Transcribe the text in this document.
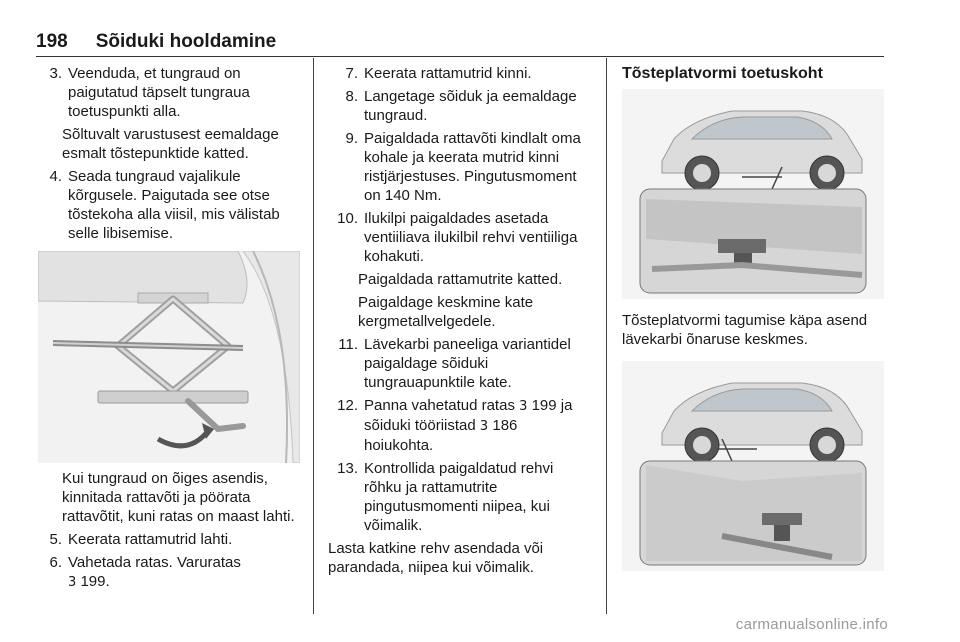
198 Sõiduki hooldamine
3. Veenduda, et tungraud on paigutatud täpselt tungraua toetuspunkti alla.
Sõltuvalt varustusest eemaldage esmalt tõstepunktide katted.
4. Seada tungraud vajalikule kõrgusele. Paigutada see otse tõstekoha alla viisil, mis välistab selle libisemise.
Kui tungraud on õiges asendis, kinnitada rattavõti ja pöörata rattavõtit, kuni ratas on maast lahti.
5. Keerata rattamutrid lahti.
6. Vahetada ratas. Varuratas
3 199.
7. Keerata rattamutrid kinni.
8. Langetage sõiduk ja eemaldage tungraud.
9. Paigaldada rattavõti kindlalt oma kohale ja keerata mutrid kinni ristjärjestuses. Pingutusmoment on 140 Nm.
10. Ilukilpi paigaldades asetada ventiiliava ilukilbil rehvi ventiiliga kohakuti.
Paigaldada rattamutrite katted.
Paigaldage keskmine kate kergmetallvelgedele.
11. Lävekarbi paneeliga variantidel paigaldage sõiduki tungrauapunktile kate.
12. Panna vahetatud ratas 3 199 ja sõiduki tööriistad 3 186 hoiukohta.
13. Kontrollida paigaldatud rehvi rõhku ja rattamutrite pingutusmomenti niipea, kui võimalik.
Lasta katkine rehv asendada või parandada, niipea kui võimalik.
Tõsteplatvormi toetuskoht
Tõsteplatvormi tagumise käpa asend lävekarbi õnaruse keskmes.
carmanualsonline.info
